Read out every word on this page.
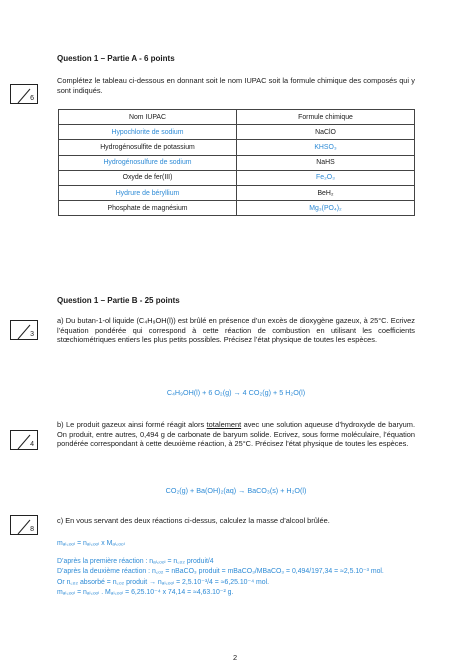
Question 1 – Partie A - 6 points
6
Complétez le tableau ci-dessous en donnant soit le nom IUPAC soit la formule chimique des composés qui y sont indiqués.
Nom IUPAC	Formule chimique
Hypochlorite de sodium	NaClO
Hydrogénosulfite de potassium	KHSO₃
Hydrogénosulfure de sodium	NaHS
Oxyde de fer(III)	Fe₂O₃
Hydrure de béryllium	BeH₂
Phosphate de magnésium	Mg₃(PO₄)₂
Question 1 – Partie B - 25 points
3
a) Du butan-1-ol liquide (C₄H₉OH(l)) est brûlé en présence d’un excès de dioxygène gazeux, à 25°C. Ecrivez l’équation pondérée qui correspond à cette réaction de combustion en utilisant les coefficients stœchiométriques entiers les plus petits possibles. Précisez l’état physique de toutes les espèces.
C₄H₉OH(l) + 6 O₂(g) → 4 CO₂(g) + 5 H₂O(l)
4
b) Le produit gazeux ainsi formé réagit alors totalement avec une solution aqueuse d’hydroxyde de baryum. On produit, entre autres, 0,494 g de carbonate de baryum solide. Ecrivez, sous forme moléculaire, l’équation pondérée correspondant à cette deuxième réaction, à 25°C. Précisez l’état physique de toutes les espèces.
CO₂(g) + Ba(OH)₂(aq) → BaCO₃(s) + H₂O(l)
8
c) En vous servant des deux réactions ci-dessus, calculez la masse d’alcool brûlée.
mₐₗ꜀ₒₒₗ = nₐₗ꜀ₒₒₗ x Mₐₗ꜀ₒₒₗ
D’après la première réaction : nₐₗ꜀ₒₒₗ = n꜀ₒ₂ produit/4
D’après la deuxième réaction : n꜀ₒ₂ = nBaCO₃ produit = mBaCO₃/MBaCO₃ = 0,494/197,34 = ≈2,5.10⁻³ mol.
Or n꜀ₒ₂ absorbé = n꜀ₒ₂ produit → nₐₗ꜀ₒₒₗ = 2,5.10⁻³/4 = ≈6,25.10⁻⁴ mol.
mₐₗ꜀ₒₒₗ = nₐₗ꜀ₒₒₗ . Mₐₗ꜀ₒₒₗ = 6,25.10⁻⁴ x 74,14 = ≈4,63.10⁻² g.
2
